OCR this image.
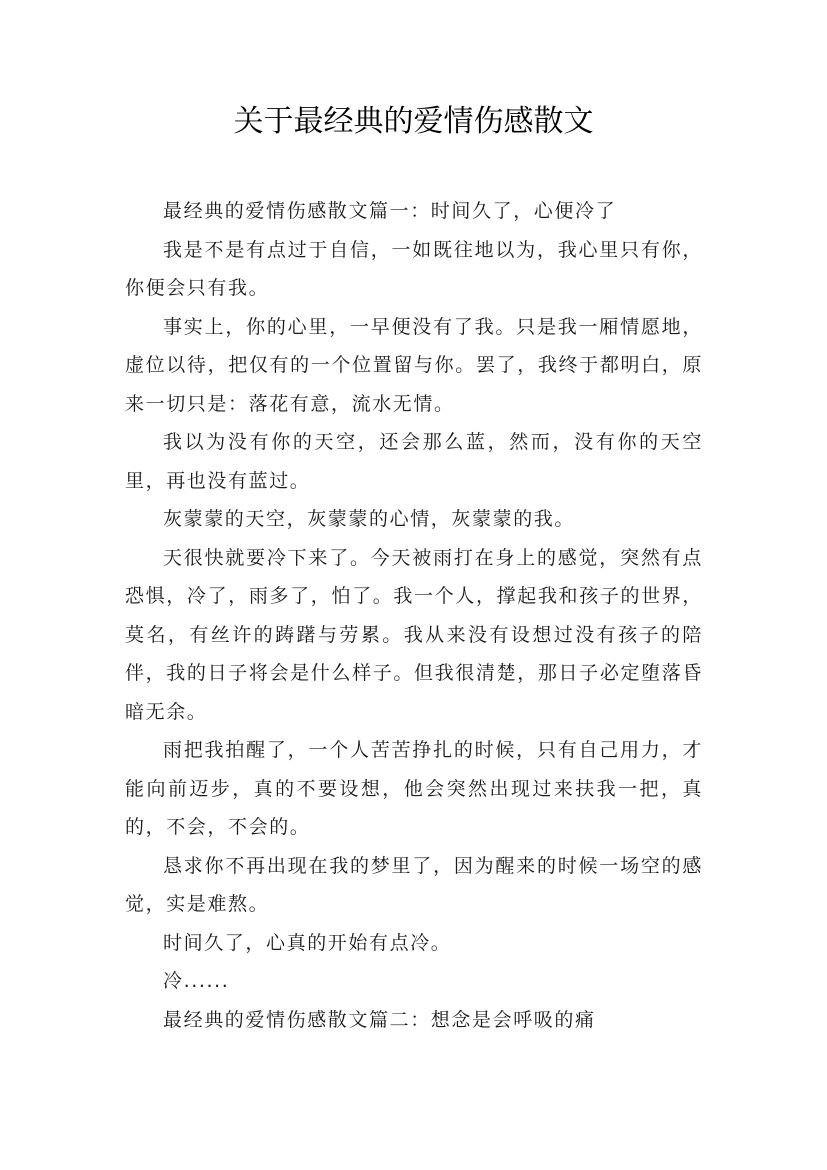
关于最经典的爱情伤感散文

最经典的爱情伤感散文篇一：时间久了，心便冷了

我是不是有点过于自信，一如既往地以为，我心里只有你，你便会只有我。

事实上，你的心里，一早便没有了我。只是我一厢情愿地，虚位以待，把仅有的一个位置留与你。罢了，我终于都明白，原来一切只是：落花有意，流水无情。

我以为没有你的天空，还会那么蓝，然而，没有你的天空里，再也没有蓝过。

灰蒙蒙的天空，灰蒙蒙的心情，灰蒙蒙的我。

天很快就要冷下来了。今天被雨打在身上的感觉，突然有点恐惧，冷了，雨多了，怕了。我一个人，撑起我和孩子的世界，莫名，有丝许的踌躇与劳累。我从来没有设想过没有孩子的陪伴，我的日子将会是什么样子。但我很清楚，那日子必定堕落昏暗无余。

雨把我拍醒了，一个人苦苦挣扎的时候，只有自己用力，才能向前迈步，真的不要设想，他会突然出现过来扶我一把，真的，不会，不会的。

恳求你不再出现在我的梦里了，因为醒来的时候一场空的感觉，实是难熬。

时间久了，心真的开始有点冷。

冷......

最经典的爱情伤感散文篇二：想念是会呼吸的痛
